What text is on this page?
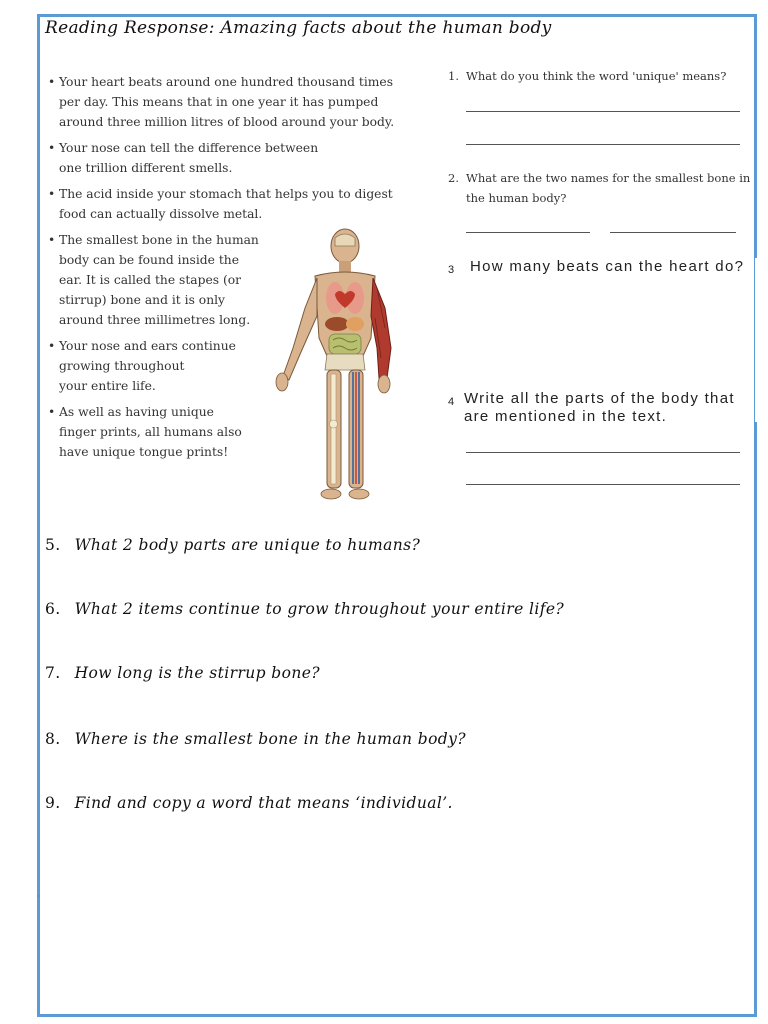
Reading Response: Amazing facts about the human body
• Your heart beats around one hundred thousand times
per day. This means that in one year it has pumped
around three million litres of blood around your body.
• Your nose can tell the difference between
one trillion different smells.
• The acid inside your stomach that helps you to digest
food can actually dissolve metal.
• The smallest bone in the human
body can be found inside the
ear. It is called the stapes (or
stirrup) bone and it is only
around three millimetres long.
• Your nose and ears continue
growing throughout
your entire life.
• As well as having unique
finger prints, all humans also
have unique tongue prints!
1. What do you think the word 'unique' means?
2. What are the two names for the smallest bone in
the human body?
3 How many beats can the heart do?
4 Write all the parts of the body that
are mentioned in the text.
5. What 2 body parts are unique to humans?
6. What 2 items continue to grow throughout your entire life?
7. How long is the stirrup bone?
8. Where is the smallest bone in the human body?
9. Find and copy a word that means ‘individual’.
·
